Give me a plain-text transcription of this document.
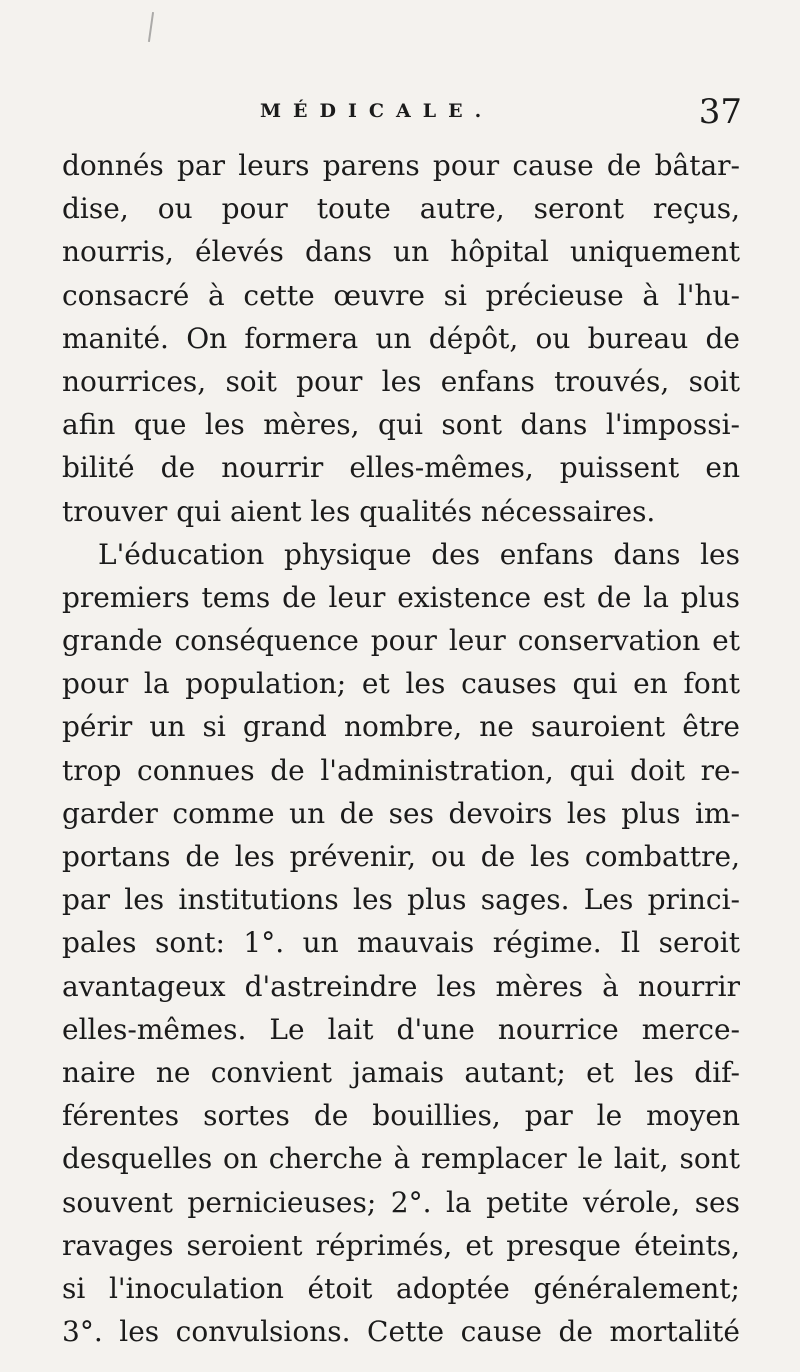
MÉDICALE.	37
donnés par leurs parens pour cause de bâtar-
dise, ou pour toute autre, seront reçus,
nourris, élevés dans un hôpital uniquement
consacré à cette œuvre si précieuse à l'hu-
manité. On formera un dépôt, ou bureau de
nourrices, soit pour les enfans trouvés, soit
afin que les mères, qui sont dans l'impossi-
bilité de nourrir elles-mêmes, puissent en
trouver qui aient les qualités nécessaires.
L'éducation physique des enfans dans les
premiers tems de leur existence est de la plus
grande conséquence pour leur conservation et
pour la population; et les causes qui en font
périr un si grand nombre, ne sauroient être
trop connues de l'administration, qui doit re-
garder comme un de ses devoirs les plus im-
portans de les prévenir, ou de les combattre,
par les institutions les plus sages. Les princi-
pales sont: 1°. un mauvais régime. Il seroit
avantageux d'astreindre les mères à nourrir
elles-mêmes. Le lait d'une nourrice merce-
naire ne convient jamais autant; et les dif-
férentes sortes de bouillies, par le moyen
desquelles on cherche à remplacer le lait, sont
souvent pernicieuses; 2°. la petite vérole, ses
ravages seroient réprimés, et presque éteints,
si l'inoculation étoit adoptée généralement;
3°. les convulsions. Cette cause de mortalité
